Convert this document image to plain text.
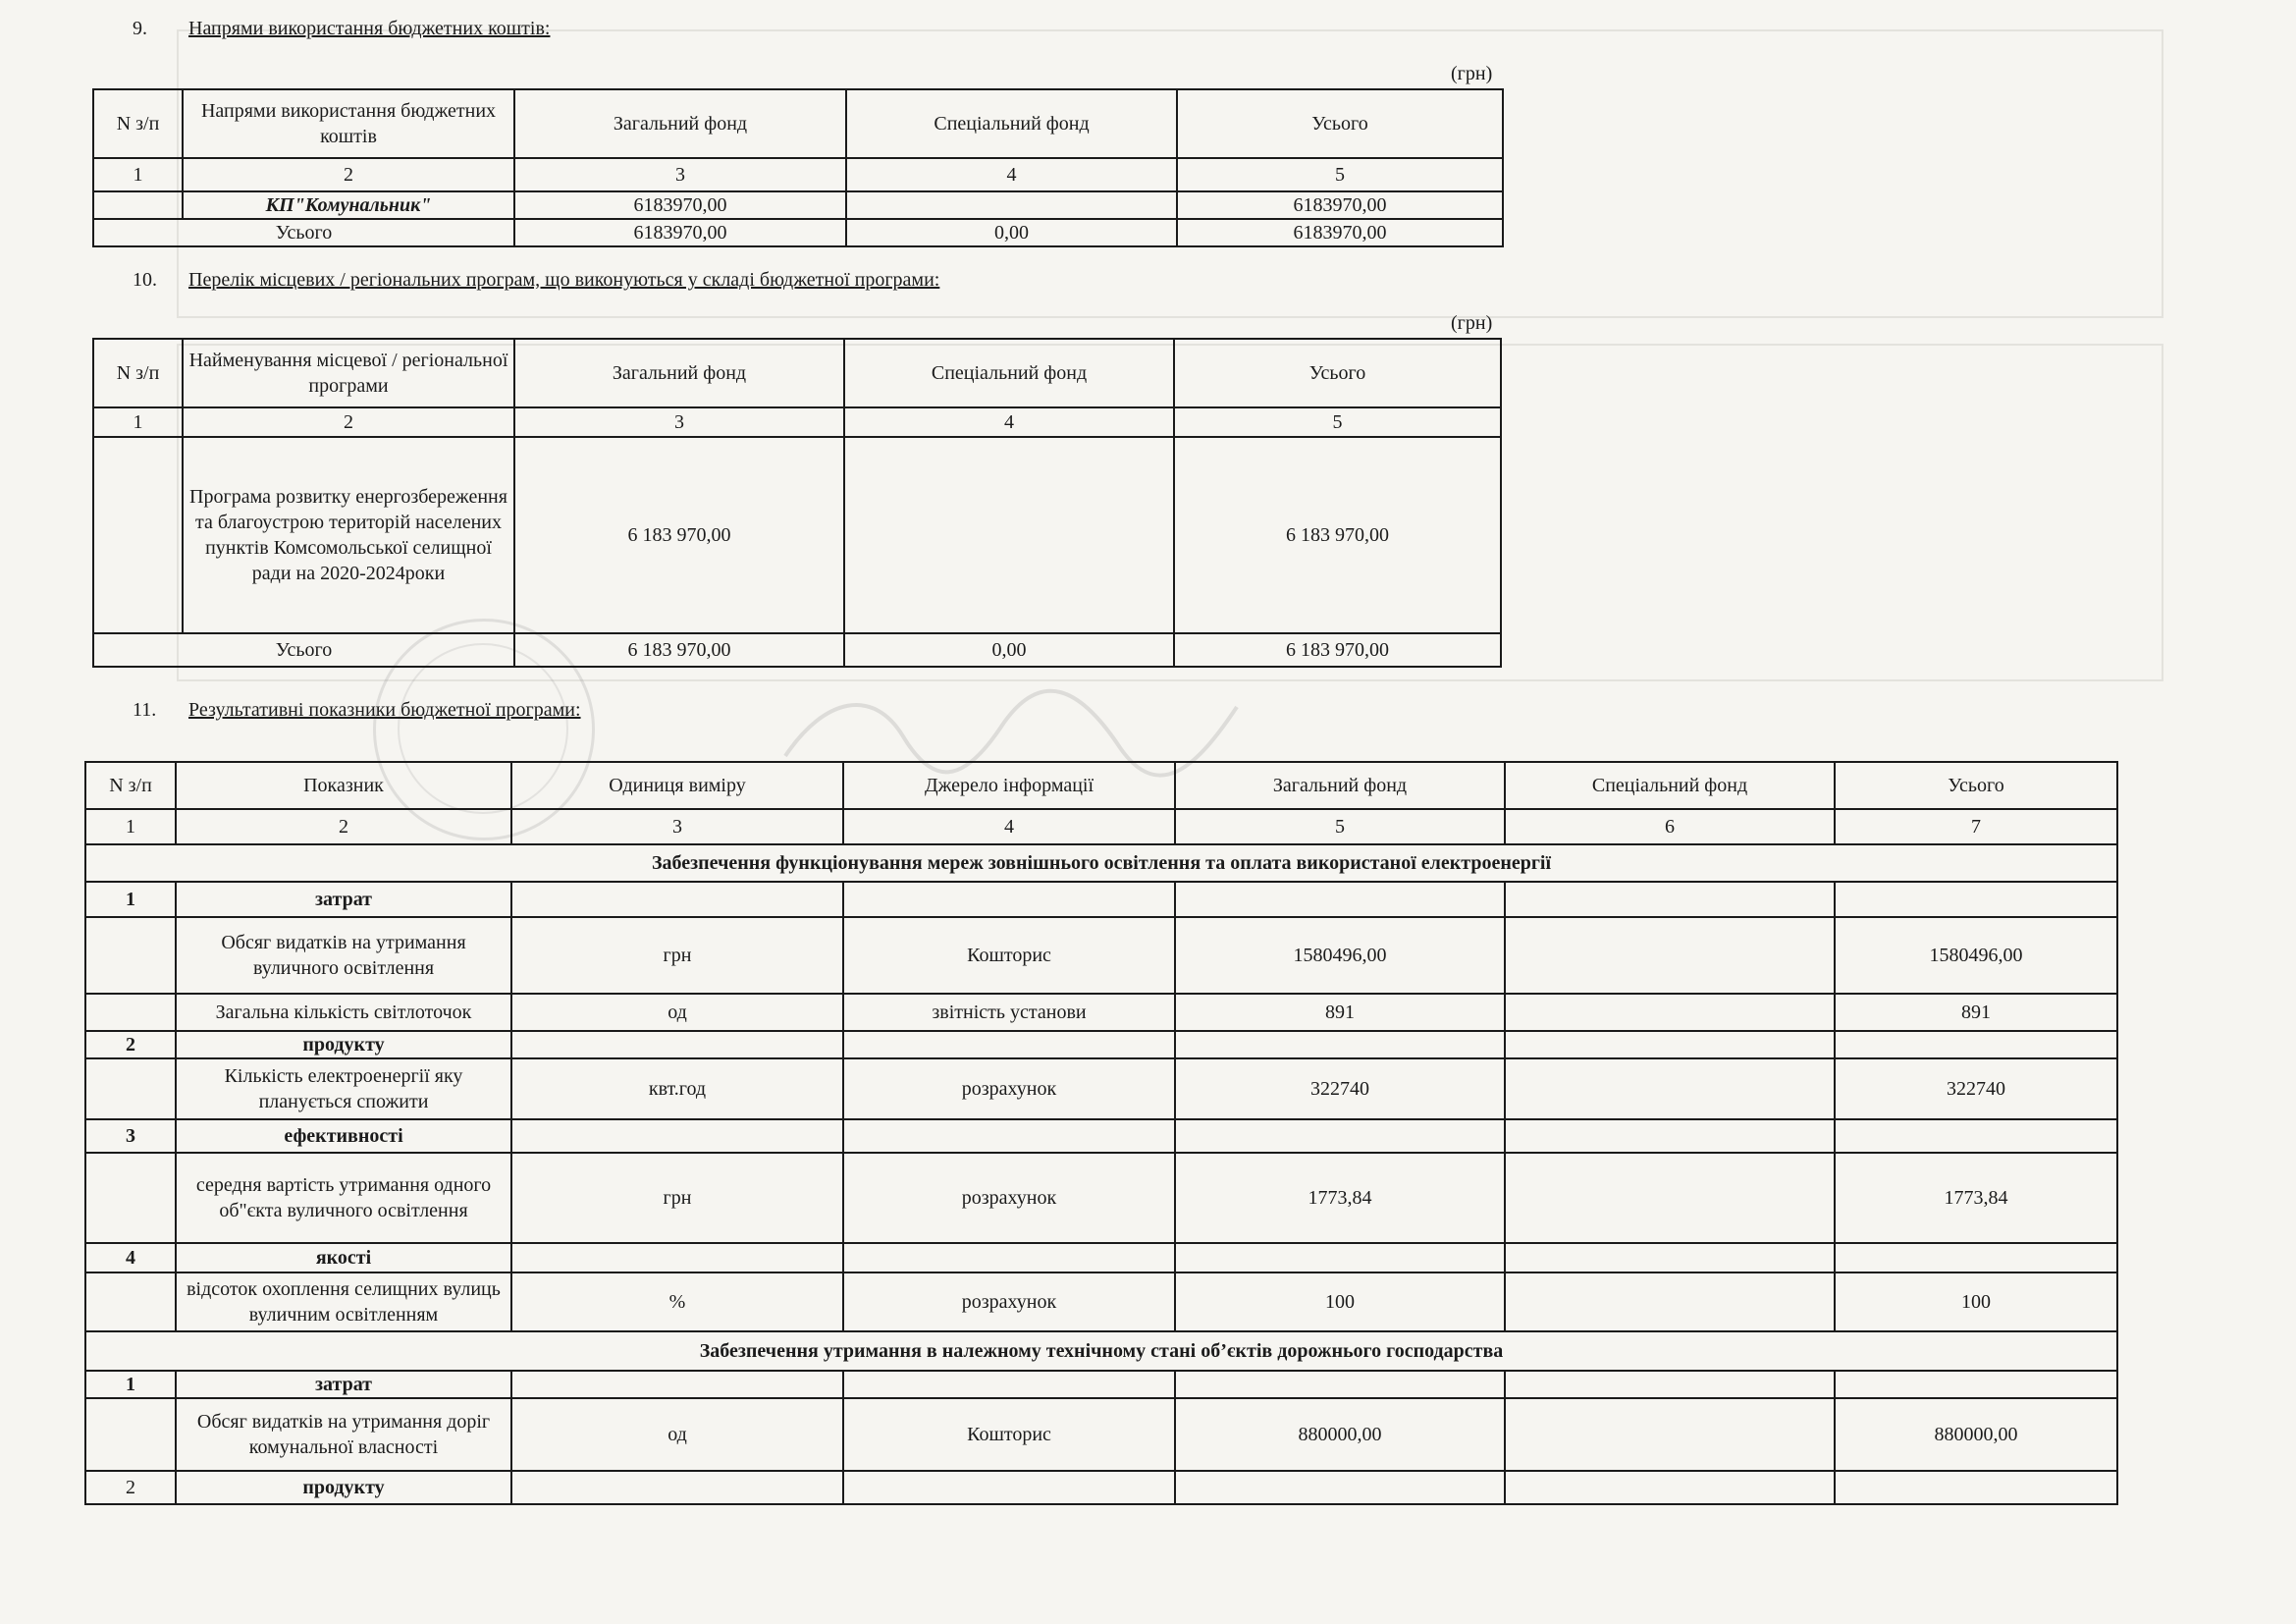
9. Напрями використання бюджетних коштів:
(грн)
N з/п	Напрями використання бюджетних коштів	Загальний фонд	Спеціальний фонд	Усього
1	2	3	4	5
	КП"Комунальник"	6183970,00		6183970,00
Усього		6183970,00	0,00	6183970,00
10. Перелік місцевих / регіональних програм, що виконуються у складі бюджетної програми:
(грн)
N з/п	Найменування місцевої / регіональної програми	Загальний фонд	Спеціальний фонд	Усього
1	2	3	4	5
	Програма розвитку енергозбереження та благоустрою територій населених пунктів Комсомольської селищної ради на 2020-2024роки	6 183 970,00		6 183 970,00
Усього		6 183 970,00	0,00	6 183 970,00
11. Результативні показники бюджетної програми:
N з/п	Показник	Одиниця виміру	Джерело інформації	Загальний фонд	Спеціальний фонд	Усього
1	2	3	4	5	6	7
Забезпечення функціонування мереж зовнішнього освітлення та оплата використаної електроенергії						
1	затрат					
	Обсяг видатків на утримання вуличного освітлення	грн	Кошторис	1580496,00		1580496,00
	Загальна кількість світлоточок	од	звітність установи	891		891
2	продукту					
	Кількість електроенергії яку планується спожити	квт.год	розрахунок	322740		322740
3	ефективності					
	середня вартість утримання одного об"єкта вуличного освітлення	грн	розрахунок	1773,84		1773,84
4	якості					
	відсоток охоплення селищних вулиць вуличним освітленням	%	розрахунок	100		100
Забезпечення утримання в належному технічному стані об’єктів дорожнього господарства						
1	затрат					
	Обсяг видатків на утримання доріг комунальної власності	од	Кошторис	880000,00		880000,00
2	продукту					
